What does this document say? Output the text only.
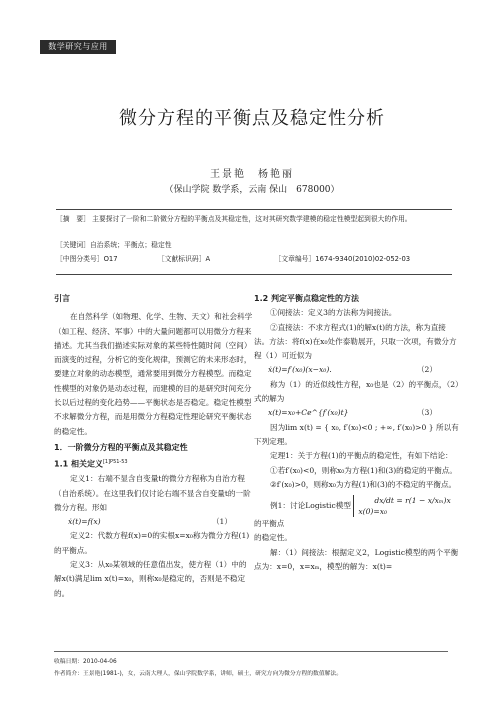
数学研究与应用
微分方程的平衡点及稳定性分析
王景艳　杨艳丽
（保山学院 数学系，云南 保山　678000）
［摘　要］ 主要探讨了一阶和二阶微分方程的平衡点及其稳定性，这对其研究数学建模的稳定性模型起到很大的作用。
［关键词］自治系统；平衡点；稳定性
［中图分类号］O17	［文献标识码］A	［文章编号］1674-9340(2010)02-052-03

引言

在自然科学（如物理、化学、生物、天文）和社会科学（如工程、经济、军事）中的大量问题都可以用微分方程来描述。尤其当我们描述实际对象的某些特性随时间（空间）而演变的过程，分析它的变化规律，预测它的未来形态时，要建立对象的动态模型，通常要用到微分方程模型。而稳定性模型的对象仍是动态过程，而建模的目的是研究时间充分长以后过程的变化趋势——平衡状态是否稳定。稳定性模型不求解微分方程，而是用微分方程稳定性理论研究平衡状态的稳定性。

1．一阶微分方程的平衡点及其稳定性

1.1 相关定义$^{[1]P51-53}$

定义1：右端不显含自变量t的微分方程称为自治方程（自治系统）。在这里我们仅讨论右端不显含自变量t的一阶微分方程。形如

ẋ(t)=f(x)	（1）

定义2：代数方程f(x)=0的实根x=x₀称为微分方程(1)的平衡点。

定义3：从x₀某领域的任意值出发，使方程（1）中的解x(t)满足lim x(t)=x₀，则称x₀是稳定的，否则是不稳定的。

1.2 判定平衡点稳定性的方法

①间接法：定义3的方法称为间接法。

②直接法：不求方程式(1)的解x(t)的方法，称为直接法。方法：将f(x)在x₀处作泰勒展开，只取一次项，有微分方程（1）可近似为

ẋ(t)=f′(x₀)(x−x₀)．	（2）

称为（1）的近似线性方程，x₀也是（2）的平衡点，（2）式的解为

x(t)=x₀+Ce^{f′(x₀)t}	（3）

因为lim x(t) = { x₀, f′(x₀)<0 ; +∞, f′(x₀)>0 } 所以有下列定理。

定理1：关于方程(1)的平衡点的稳定性，有如下结论：

①若f′(x₀)<0，则称x₀为方程(1)和(3)的稳定的平衡点。

②f′(x₀)>0，则称x₀为方程(1)和(3)的不稳定的平衡点。

例1：讨论Logistic模型 dx/dt = r(1 − x/xₘ)x
x(0)=x₀ 的平衡点

的稳定性。

解：（1）间接法：根据定义2，Logistic模型的两个平衡点为：x=0，x=xₘ，模型的解为：x(t)=

收稿日期：2010-04-06
作者简介：王景艳(1981-)，女，云南大理人，保山学院数学系，讲师，硕士，研究方向为微分方程的数值解法。
